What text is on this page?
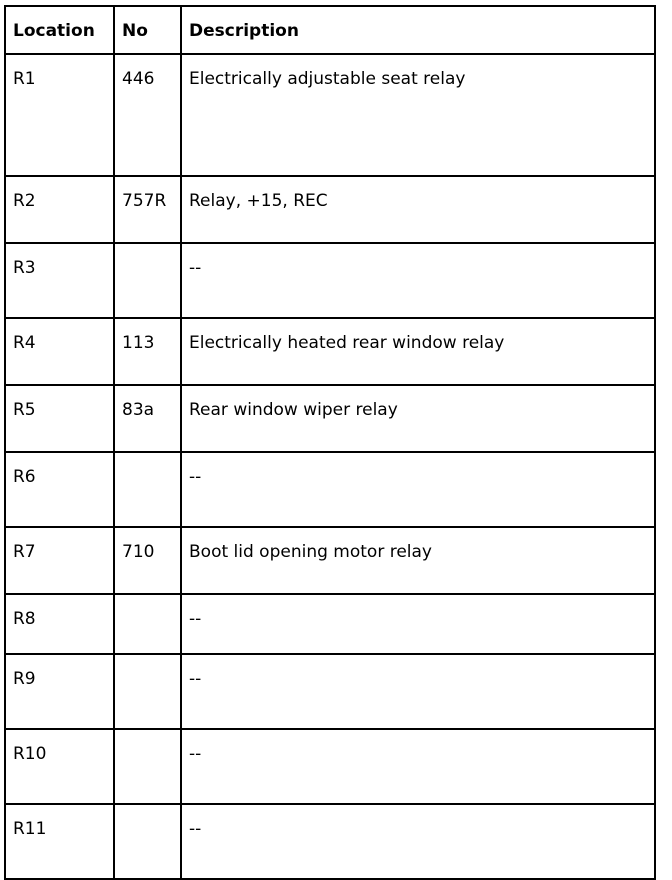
Location	No	Description
R1	446	Electrically adjustable seat relay
R2	757R	Relay, +15, REC
R3		--
R4	113	Electrically heated rear window relay
R5	83a	Rear window wiper relay
R6		--
R7	710	Boot lid opening motor relay
R8		--
R9		--
R10		--
R11		--
